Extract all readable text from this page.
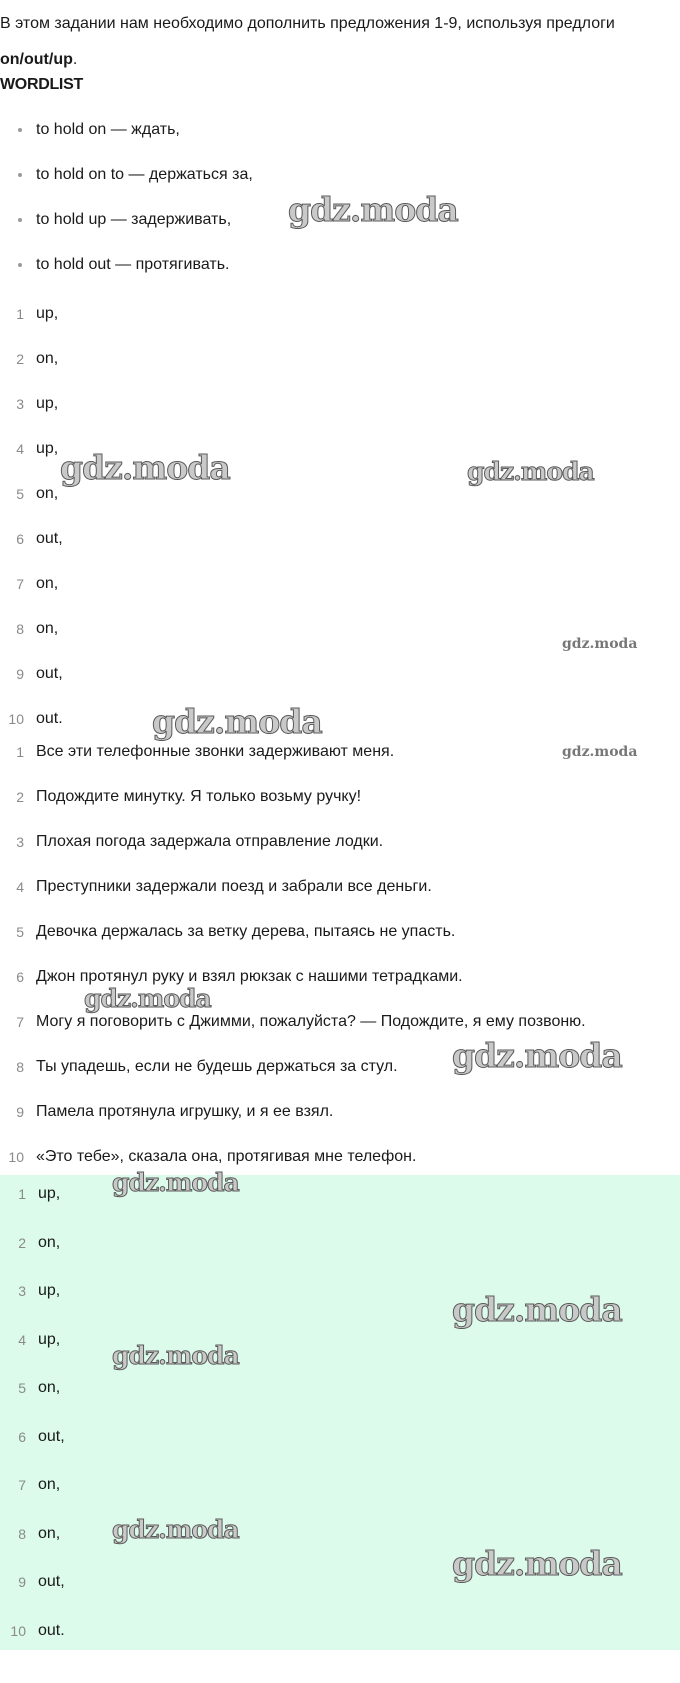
В этом задании нам необходимо дополнить предложения 1-9, используя предлоги on/out/up.
WORDLIST
to hold on — ждать,
to hold on to — держаться за,
to hold up — задерживать,
to hold out — протягивать.
1 up,
2 on,
3 up,
4 up,
5 on,
6 out,
7 on,
8 on,
9 out,
10 out.
1 Все эти телефонные звонки задерживают меня.
2 Подождите минутку. Я только возьму ручку!
3 Плохая погода задержала отправление лодки.
4 Преступники задержали поезд и забрали все деньги.
5 Девочка держалась за ветку дерева, пытаясь не упасть.
6 Джон протянул руку и взял рюкзак с нашими тетрадками.
7 Могу я поговорить с Джимми, пожалуйста? — Подождите, я ему позвоню.
8 Ты упадешь, если не будешь держаться за стул.
9 Памела протянула игрушку, и я ее взял.
10 «Это тебе», сказала она, протягивая мне телефон.
1 up,
2 on,
3 up,
4 up,
5 on,
6 out,
7 on,
8 on,
9 out,
10 out.
gdz.moda
gdz.moda	gdz.moda
gdz.moda
gdz.moda
gdz.moda
gdz.moda
gdz.moda
gdz.moda
gdz.moda
gdz.moda
gdz.moda
gdz.moda
